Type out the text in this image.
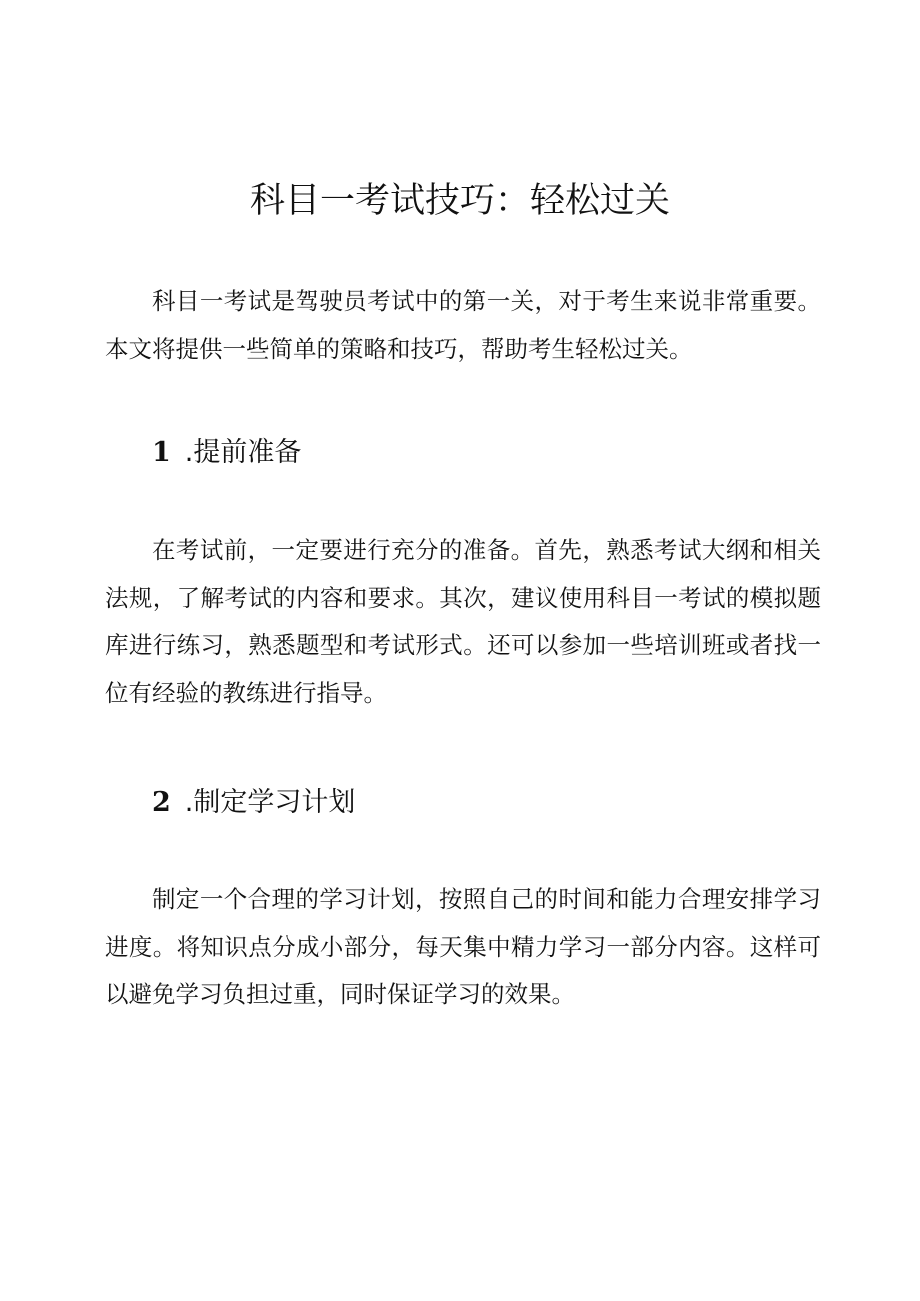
科目一考试技巧：轻松过关

科目一考试是驾驶员考试中的第一关，对于考生来说非常重要。本文将提供一些简单的策略和技巧，帮助考生轻松过关。

1 .提前准备

在考试前，一定要进行充分的准备。首先，熟悉考试大纲和相关法规，了解考试的内容和要求。其次，建议使用科目一考试的模拟题库进行练习，熟悉题型和考试形式。还可以参加一些培训班或者找一位有经验的教练进行指导。

2 .制定学习计划

制定一个合理的学习计划，按照自己的时间和能力合理安排学习进度。将知识点分成小部分，每天集中精力学习一部分内容。这样可以避免学习负担过重，同时保证学习的效果。
